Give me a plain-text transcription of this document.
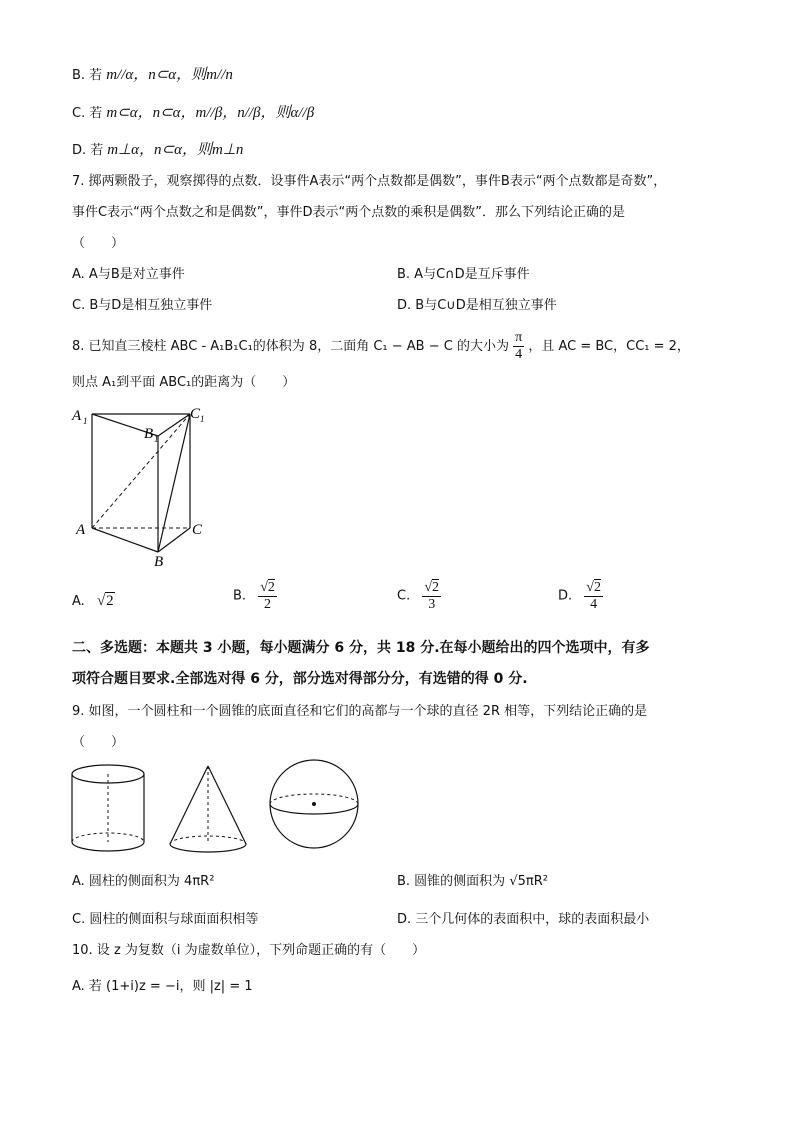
B. 若 m//α，n⊂α，则m//n
C. 若 m⊂α，n⊂α，m//β，n//β，则α//β
D. 若 m⊥α，n⊂α，则m⊥n
7. 掷两颗骰子，观察掷得的点数．设事件A表示“两个点数都是偶数”，事件B表示“两个点数都是奇数”，
事件C表示“两个点数之和是偶数”，事件D表示“两个点数的乘积是偶数”．那么下列结论正确的是
（　　）
A. A与B是对立事件	B. A与C∩D是互斥事件
C. B与D是相互独立事件	D. B与C∪D是相互独立事件
8. 已知直三棱柱 ABC - A₁B₁C₁的体积为 8，二面角 C₁ − AB − C 的大小为 $\frac{\pi}{4}$ ，且 AC = BC，CC₁ = 2，
则点 A₁到平面 ABC₁的距离为（　　）
A 1
B 1
C 1
A
B
C
A. √2	B. $\frac{√2}{2}$	C. $\frac{√2}{3}$	D. $\frac{√2}{4}$
二、多选题：本题共 3 小题，每小题满分 6 分，共 18 分.在每小题给出的四个选项中，有多
项符合题目要求.全部选对得 6 分，部分选对得部分分，有选错的得 0 分.
9. 如图，一个圆柱和一个圆锥的底面直径和它们的高都与一个球的直径 2R 相等，下列结论正确的是
（　　）
A. 圆柱的侧面积为 4πR²	B. 圆锥的侧面积为 √5πR²
C. 圆柱的侧面积与球面面积相等	D. 三个几何体的表面积中，球的表面积最小
10. 设 z 为复数（i 为虚数单位），下列命题正确的有（　　）
A. 若 (1+i)z = −i，则 |z| = 1
